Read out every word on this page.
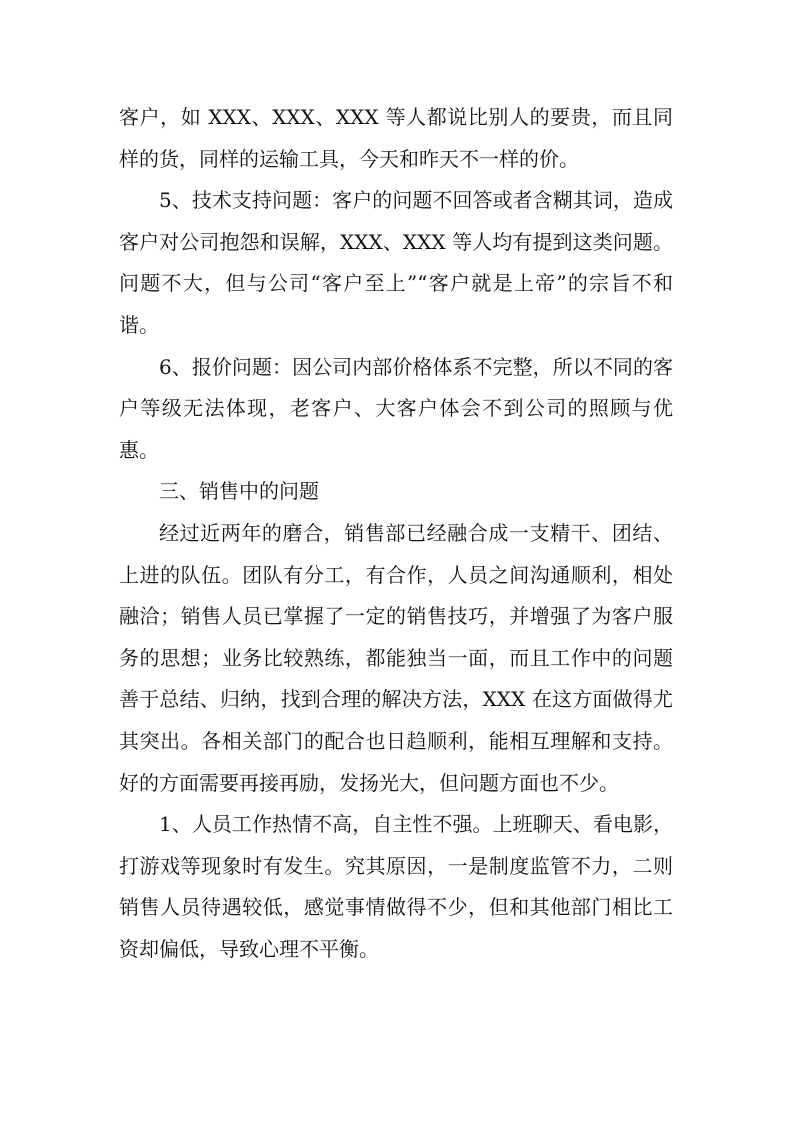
客户，如 XXX、XXX、XXX 等人都说比别人的要贵，而且同样的货，同样的运输工具，今天和昨天不一样的价。

5、技术支持问题：客户的问题不回答或者含糊其词，造成客户对公司抱怨和误解，XXX、XXX 等人均有提到这类问题。问题不大，但与公司“客户至上”“客户就是上帝”的宗旨不和谐。

6、报价问题：因公司内部价格体系不完整，所以不同的客户等级无法体现，老客户、大客户体会不到公司的照顾与优惠。

三、销售中的问题

经过近两年的磨合，销售部已经融合成一支精干、团结、上进的队伍。团队有分工，有合作，人员之间沟通顺利，相处融洽；销售人员已掌握了一定的销售技巧，并增强了为客户服务的思想；业务比较熟练，都能独当一面，而且工作中的问题善于总结、归纳，找到合理的解决方法，XXX 在这方面做得尤其突出。各相关部门的配合也日趋顺利，能相互理解和支持。好的方面需要再接再励，发扬光大，但问题方面也不少。

1、人员工作热情不高，自主性不强。上班聊天、看电影，打游戏等现象时有发生。究其原因，一是制度监管不力，二则销售人员待遇较低，感觉事情做得不少，但和其他部门相比工资却偏低，导致心理不平衡。
